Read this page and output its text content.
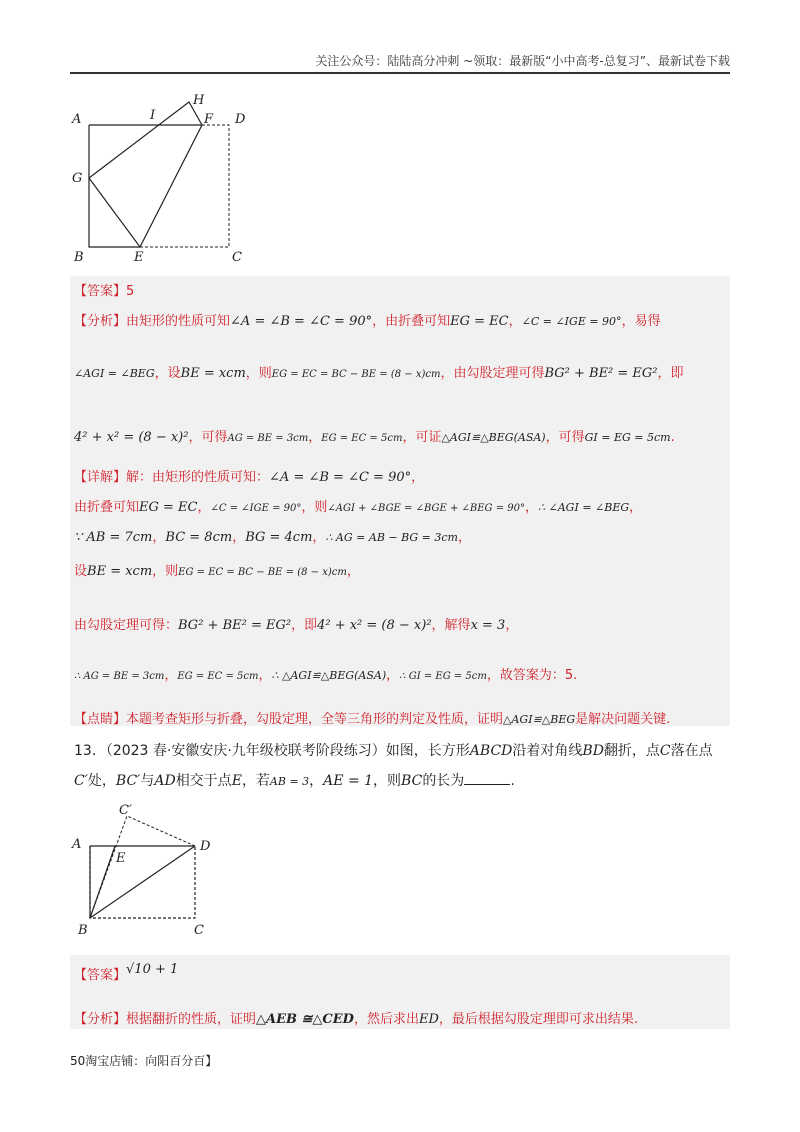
关注公众号：陆陆高分冲刺 ~领取：最新版“小中高考-总复习”、最新试卷下载
A	I
H
F D
G
B	E	C
【答案】5
【分析】由矩形的性质可知∠A = ∠B = ∠C = 90°，由折叠可知EG = EC，∠C = ∠IGE = 90°，易得
∠AGI = ∠BEG，设BE = xcm，则EG = EC = BC − BE = (8 − x)cm，由勾股定理可得BG² + BE² = EG²，即
4² + x² = (8 − x)²，可得AG = BE = 3cm，EG = EC = 5cm，可证△AGI≌△BEG(ASA)，可得GI = EG = 5cm.
【详解】解：由矩形的性质可知：∠A = ∠B = ∠C = 90°，
由折叠可知EG = EC，∠C = ∠IGE = 90°，则∠AGI + ∠BGE = ∠BGE + ∠BEG = 90°，∴ ∠AGI = ∠BEG，
∵ AB = 7cm，BC = 8cm，BG = 4cm，∴ AG = AB − BG = 3cm，
设BE = xcm，则EG = EC = BC − BE = (8 − x)cm，
由勾股定理可得：BG² + BE² = EG²，即4² + x² = (8 − x)²，解得x = 3，
∴ AG = BE = 3cm，EG = EC = 5cm，∴ △AGI≌△BEG(ASA)，∴ GI = EG = 5cm，故答案为：5.
【点睛】本题考查矩形与折叠，勾股定理，全等三角形的判定及性质，证明△AGI≌△BEG是解决问题关键.
13．（2023 春·安徽安庆·九年级校联考阶段练习）如图，长方形ABCD沿着对角线BD翻折，点C落在点
C′处，BC′与AD相交于点E，若AB = 3，AE = 1，则BC的长为	.
C′
A
E
D
B	C
【答案】√10 + 1
【分析】根据翻折的性质，证明△AEB ≅△CED，然后求出ED，最后根据勾股定理即可求出结果.
50淘宝店铺：向阳百分百】
